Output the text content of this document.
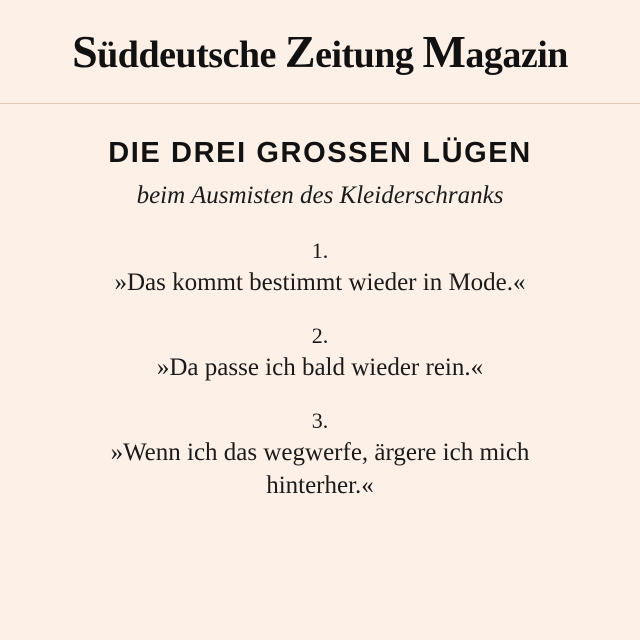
Süddeutsche Zeitung Magazin
DIE DREI GROSSEN LÜGEN
beim Ausmisten des Kleiderschranks
1.
»Das kommt bestimmt wieder in Mode.«
2.
»Da passe ich bald wieder rein.«
3.
»Wenn ich das wegwerfe, ärgere ich mich hinterher.«
